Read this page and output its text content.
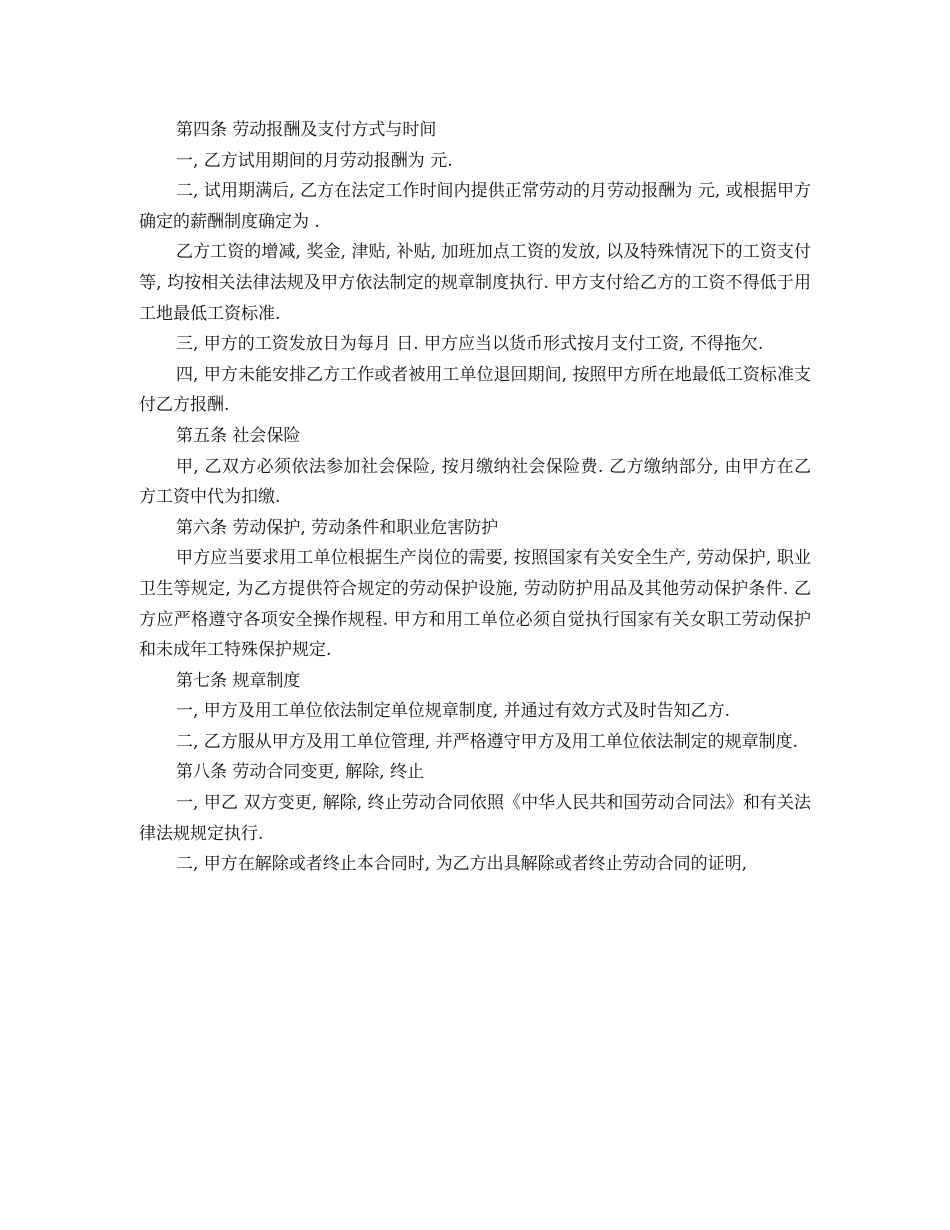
第四条 劳动报酬及支付方式与时间

一, 乙方试用期间的月劳动报酬为 元.

二, 试用期满后, 乙方在法定工作时间内提供正常劳动的月劳动报酬为 元, 或根据甲方确定的薪酬制度确定为 .

乙方工资的增减, 奖金, 津贴, 补贴, 加班加点工资的发放, 以及特殊情况下的工资支付等, 均按相关法律法规及甲方依法制定的规章制度执行. 甲方支付给乙方的工资不得低于用工地最低工资标准.

三, 甲方的工资发放日为每月 日. 甲方应当以货币形式按月支付工资, 不得拖欠.

四, 甲方未能安排乙方工作或者被用工单位退回期间, 按照甲方所在地最低工资标准支付乙方报酬.

第五条 社会保险

甲, 乙双方必须依法参加社会保险, 按月缴纳社会保险费. 乙方缴纳部分, 由甲方在乙方工资中代为扣缴.

第六条 劳动保护, 劳动条件和职业危害防护

甲方应当要求用工单位根据生产岗位的需要, 按照国家有关安全生产, 劳动保护, 职业卫生等规定, 为乙方提供符合规定的劳动保护设施, 劳动防护用品及其他劳动保护条件. 乙方应严格遵守各项安全操作规程. 甲方和用工单位必须自觉执行国家有关女职工劳动保护和未成年工特殊保护规定.

第七条 规章制度

一, 甲方及用工单位依法制定单位规章制度, 并通过有效方式及时告知乙方.

二, 乙方服从甲方及用工单位管理, 并严格遵守甲方及用工单位依法制定的规章制度.

第八条 劳动合同变更, 解除, 终止

一, 甲乙 双方变更, 解除, 终止劳动合同依照《中华人民共和国劳动合同法》和有关法律法规规定执行.

二, 甲方在解除或者终止本合同时, 为乙方出具解除或者终止劳动合同的证明,
